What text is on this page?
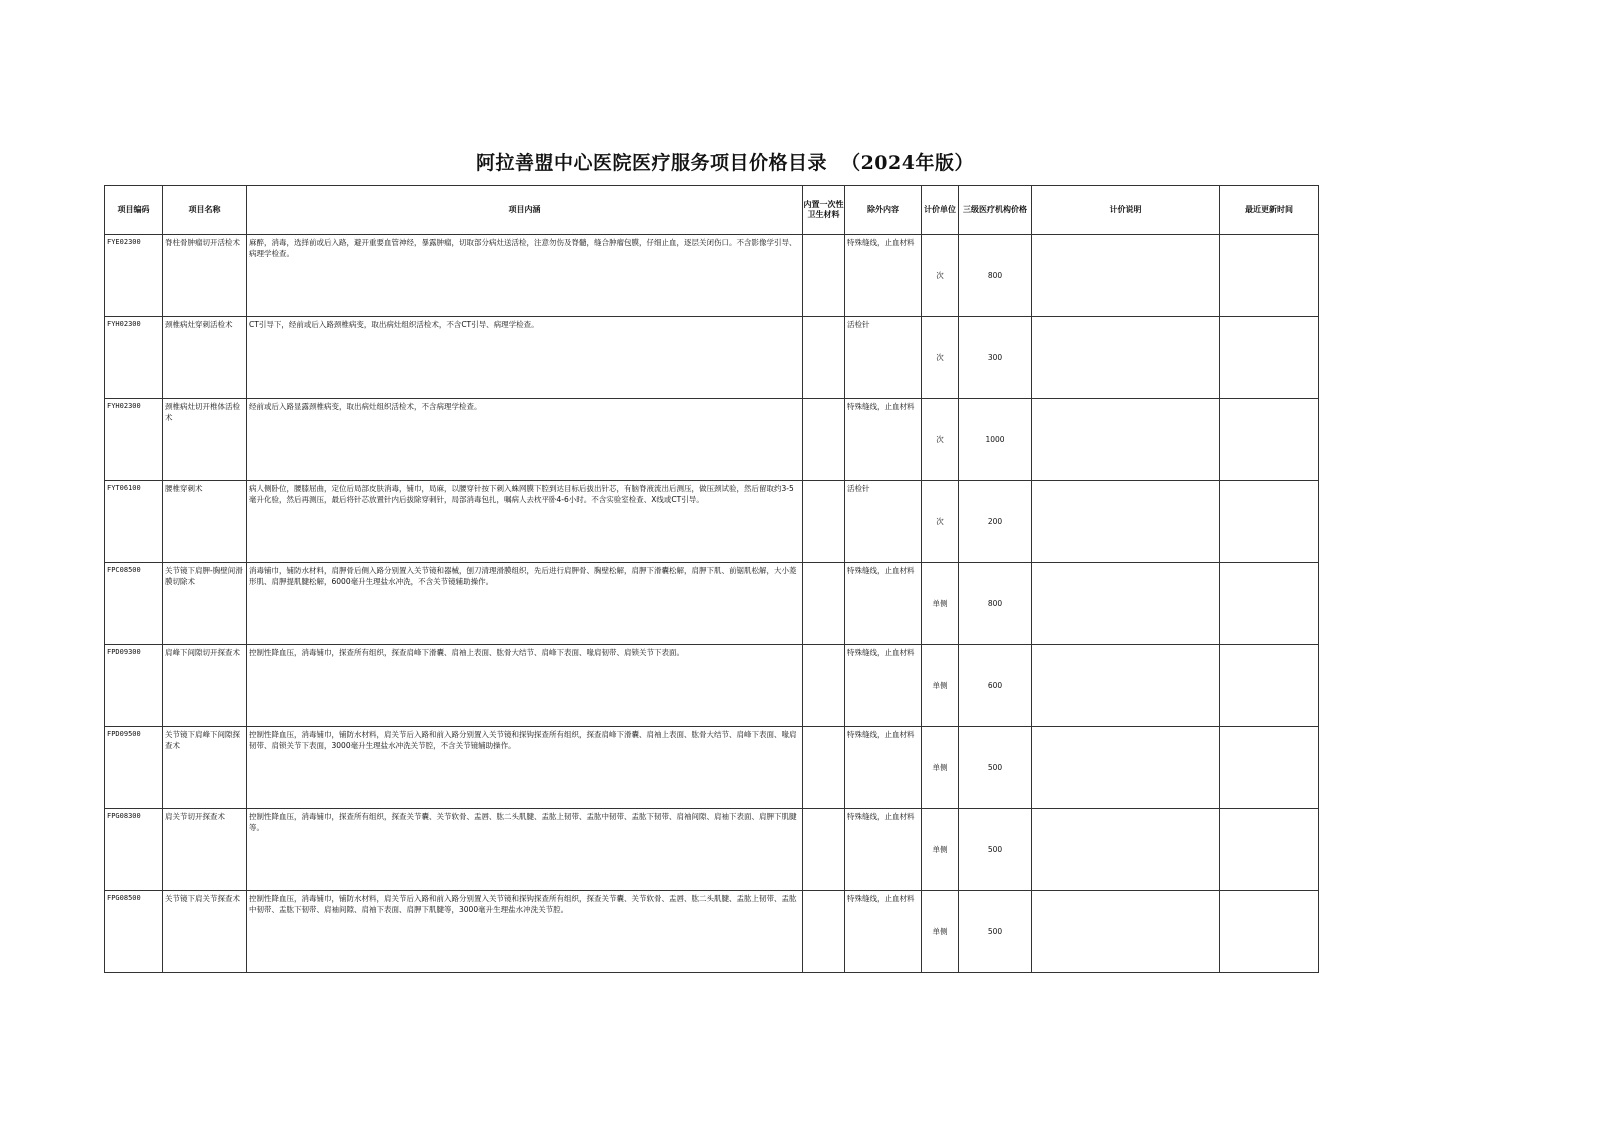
阿拉善盟中心医院医疗服务项目价格目录 （2024年版）
项目编码	项目名称	项目内涵	内置一次性卫生材料	除外内容	计价单位	三级医疗机构价格	计价说明	最近更新时间
FYE02300	脊柱骨肿瘤切开活检术	麻醉，消毒，选择前或后入路，避开重要血管神经，暴露肿瘤，切取部分病灶送活检，注意勿伤及脊髓，缝合肿瘤包膜，仔细止血，逐层关闭伤口。不含影像学引导、病理学检查。		特殊缝线，止血材料	次	800		
FYH02300	颈椎病灶穿刺活检术	CT引导下，经前或后入路颈椎病变，取出病灶组织活检术，不含CT引导、病理学检查。		活检针	次	300		
FYH02300	颈椎病灶切开椎体活检术	经前或后入路显露颈椎病变，取出病灶组织活检术，不含病理学检查。		特殊缝线，止血材料	次	1000		
FYT06100	腰椎穿刺术	病人侧卧位，腰膝屈曲，定位后局部皮肤消毒，铺巾，局麻，以腰穿针按下刺入蛛网膜下腔到达目标后拔出针芯，有脑脊液流出后测压，做压颈试验，然后留取约3-5毫升化验，然后再测压，最后将针芯放置针内后拔除穿刺针，局部消毒包扎，嘱病人去枕平卧4-6小时。不含实验室检查、X线或CT引导。		活检针	次	200		
FPC08500	关节镜下肩胛-胸壁间滑膜切除术	消毒铺巾，铺防水材料，肩胛骨后侧入路分别置入关节镜和器械，刨刀清理滑膜组织，先后进行肩胛骨、胸壁松解，肩胛下滑囊松解，肩胛下肌、前锯肌松解，大小菱形肌、肩胛提肌腱松解，6000毫升生理盐水冲洗，不含关节镜辅助操作。		特殊缝线，止血材料	单侧	800		
FPD09300	肩峰下间隙切开探查术	控制性降血压，消毒铺巾，探查所有组织，探查肩峰下滑囊、肩袖上表面、肱骨大结节、肩峰下表面、喙肩韧带、肩锁关节下表面。		特殊缝线，止血材料	单侧	600		
FPD09500	关节镜下肩峰下间隙探查术	控制性降血压，消毒铺巾，铺防水材料，肩关节后入路和前入路分别置入关节镜和探钩探查所有组织，探查肩峰下滑囊、肩袖上表面、肱骨大结节、肩峰下表面、喙肩韧带、肩锁关节下表面，3000毫升生理盐水冲洗关节腔，不含关节镜辅助操作。		特殊缝线，止血材料	单侧	500		
FPG08300	肩关节切开探查术	控制性降血压，消毒铺巾，探查所有组织，探查关节囊、关节软骨、盂唇、肱二头肌腱、盂肱上韧带、盂肱中韧带、盂肱下韧带、肩袖间隙、肩袖下表面、肩胛下肌腱等。		特殊缝线，止血材料	单侧	500		
FPG08500	关节镜下肩关节探查术	控制性降血压，消毒铺巾，铺防水材料，肩关节后入路和前入路分别置入关节镜和探钩探查所有组织，探查关节囊、关节软骨、盂唇、肱二头肌腱、盂肱上韧带、盂肱中韧带、盂肱下韧带、肩袖间隙、肩袖下表面、肩胛下肌腱等，3000毫升生理盐水冲洗关节腔。		特殊缝线，止血材料	单侧	500		
